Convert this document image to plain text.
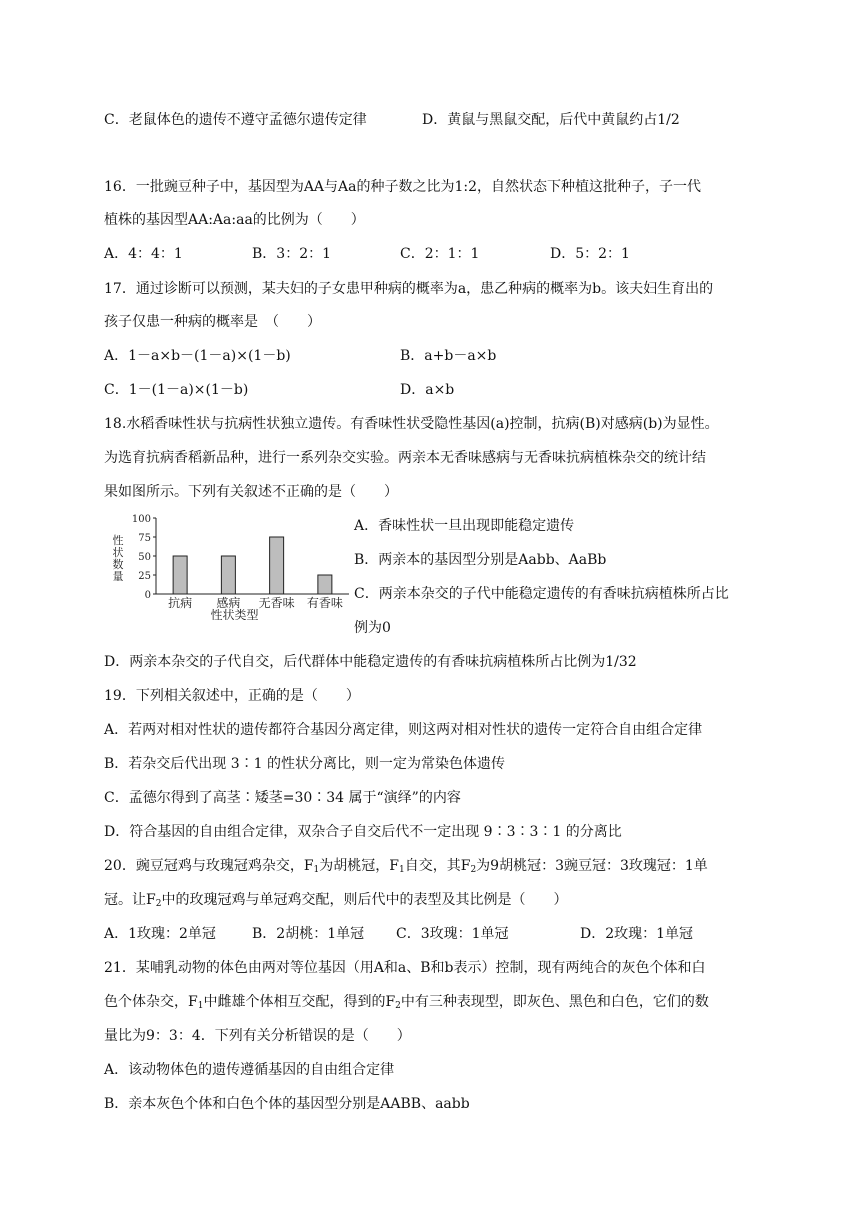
C．老鼠体色的遗传不遵守孟德尔遗传定律	D．黄鼠与黑鼠交配，后代中黄鼠约占1/2
16．一批豌豆种子中，基因型为AA与Aa的种子数之比为1:2，自然状态下种植这批种子，子一代
植株的基因型AA:Aa:aa的比例为（　　）
A．4：4：1	B．3：2：1	C．2：1：1	D．5：2：1
17．通过诊断可以预测，某夫妇的子女患甲种病的概率为a，患乙种病的概率为b。该夫妇生育出的
孩子仅患一种病的概率是　（　　）
A．1－a×b－(1－a)×(1－b)	B．a+b－a×b
C．1－(1－a)×(1－b)	D．a×b
18.水稻香味性状与抗病性状独立遗传。有香味性状受隐性基因(a)控制，抗病(B)对感病(b)为显性。
为选育抗病香稻新品种，进行一系列杂交实验。两亲本无香味感病与无香味抗病植株杂交的统计结
果如图所示。下列有关叙述不正确的是（　　）
性
状
数
量
0
25
50
75
100
抗病 感病 无香味 有香味
性状类型
A．香味性状一旦出现即能稳定遗传
B．两亲本的基因型分别是Aabb、AaBb
C．两亲本杂交的子代中能稳定遗传的有香味抗病植株所占比
例为0
D．两亲本杂交的子代自交，后代群体中能稳定遗传的有香味抗病植株所占比例为1/32
19．下列相关叙述中，正确的是（　　）
A．若两对相对性状的遗传都符合基因分离定律，则这两对相对性状的遗传一定符合自由组合定律
B．若杂交后代出现 3∶1 的性状分离比，则一定为常染色体遗传
C．孟德尔得到了高茎∶矮茎=30∶34 属于“演绎”的内容
D．符合基因的自由组合定律，双杂合子自交后代不一定出现 9∶3∶3∶1 的分离比
20．豌豆冠鸡与玫瑰冠鸡杂交，$F_1$为胡桃冠，$F_1$自交，其$F_2$为9胡桃冠：3豌豆冠：3玫瑰冠：1单
冠。让$F_2$中的玫瑰冠鸡与单冠鸡交配，则后代中的表型及其比例是（　　）
A．1玫瑰：2单冠	B．2胡桃：1单冠 C．3玫瑰：1单冠	D．2玫瑰：1单冠
21．某哺乳动物的体色由两对等位基因（用A和a、B和b表示）控制，现有两纯合的灰色个体和白
色个体杂交，$F_1$中雌雄个体相互交配，得到的$F_2$中有三种表现型，即灰色、黑色和白色，它们的数
量比为9：3：4．下列有关分析错误的是（　　）
A．该动物体色的遗传遵循基因的自由组合定律
B．亲本灰色个体和白色个体的基因型分别是AABB、aabb
